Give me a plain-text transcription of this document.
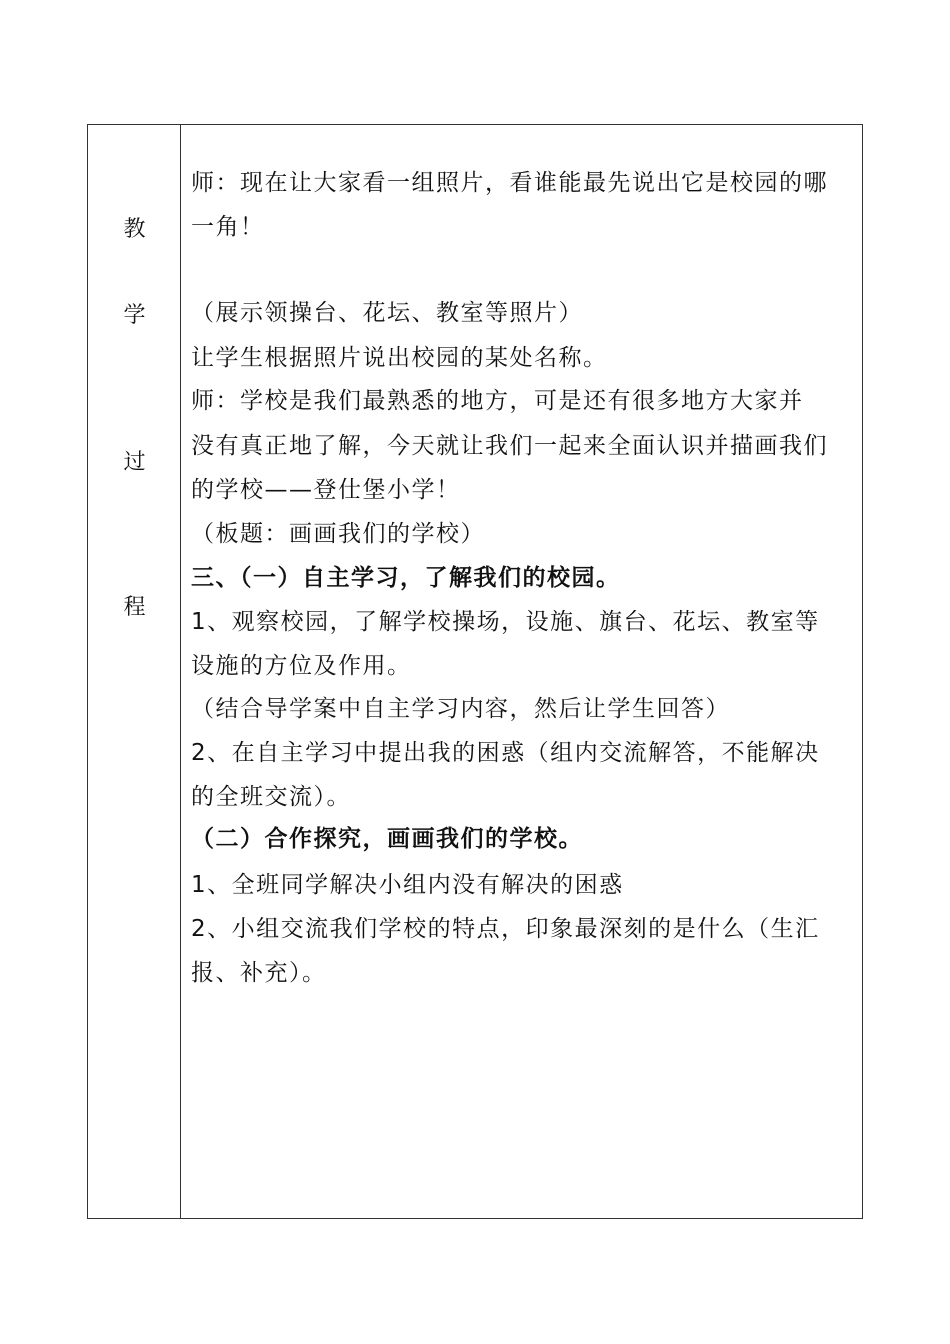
教
学
过
程
师：现在让大家看一组照片，看谁能最先说出它是校园的哪
一角！
（展示领操台、花坛、教室等照片）
让学生根据照片说出校园的某处名称。
师：学校是我们最熟悉的地方，可是还有很多地方大家并
没有真正地了解，今天就让我们一起来全面认识并描画我们
的学校——登仕堡小学！
（板题：画画我们的学校）
三、（一）自主学习，了解我们的校园。
1、观察校园，了解学校操场，设施、旗台、花坛、教室等
设施的方位及作用。
（结合导学案中自主学习内容，然后让学生回答）
2、在自主学习中提出我的困惑（组内交流解答，不能解决
的全班交流）。
（二）合作探究，画画我们的学校。
1、全班同学解决小组内没有解决的困惑
2、小组交流我们学校的特点，印象最深刻的是什么（生汇
报、补充）。
